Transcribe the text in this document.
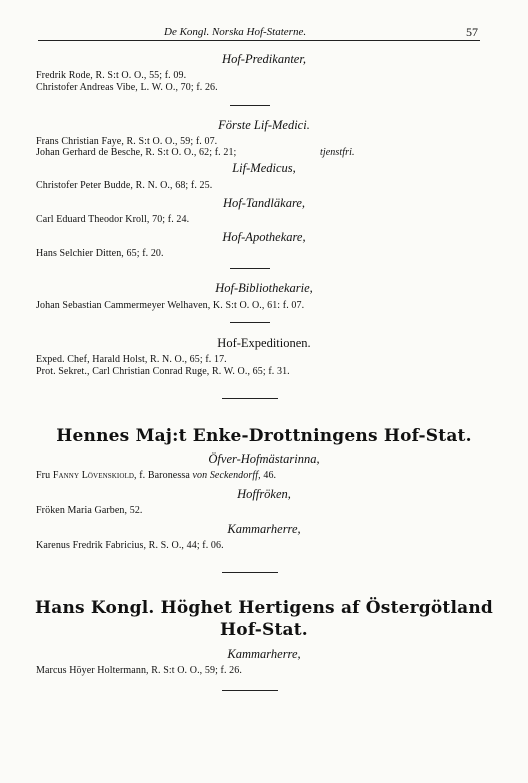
De Kongl. Norska Hof-Staterne.	57
Hof-Predikanter,
Fredrik Rode, R. S:t O. O., 55; f. 09.
Christofer Andreas Vibe, L. W. O., 70; f. 26.
Förste Lif-Medici.
Frans Christian Faye, R. S:t O. O., 59; f. 07.
Johan Gerhard de Besche, R. S:t O. O., 62; f. 21;	tjenstfri.
Lif-Medicus,
Christofer Peter Budde, R. N. O., 68; f. 25.
Hof-Tandläkare,
Carl Eduard Theodor Kroll, 70; f. 24.
Hof-Apothekare,
Hans Selchier Ditten, 65; f. 20.
Hof-Bibliothekarie,
Johan Sebastian Cammermeyer Welhaven, K. S:t O. O., 61: f. 07.
Hof-Expeditionen.
Exped. Chef, Harald Holst, R. N. O., 65; f. 17.
Prot. Sekret., Carl Christian Conrad Ruge, R. W. O., 65; f. 31.
Hennes Maj:t Enke-Drottningens Hof-Stat.
Öfver-Hofmästarinna,
Fru Fanny Lövenskiold, f. Baronessa von Seckendorff, 46.
Hoffröken,
Fröken Maria Garben, 52.
Kammarherre,
Karenus Fredrik Fabricius, R. S. O., 44; f. 06.
Hans Kongl. Höghet Hertigens af Östergötland
Hof-Stat.
Kammarherre,
Marcus Höyer Holtermann, R. S:t O. O., 59; f. 26.
